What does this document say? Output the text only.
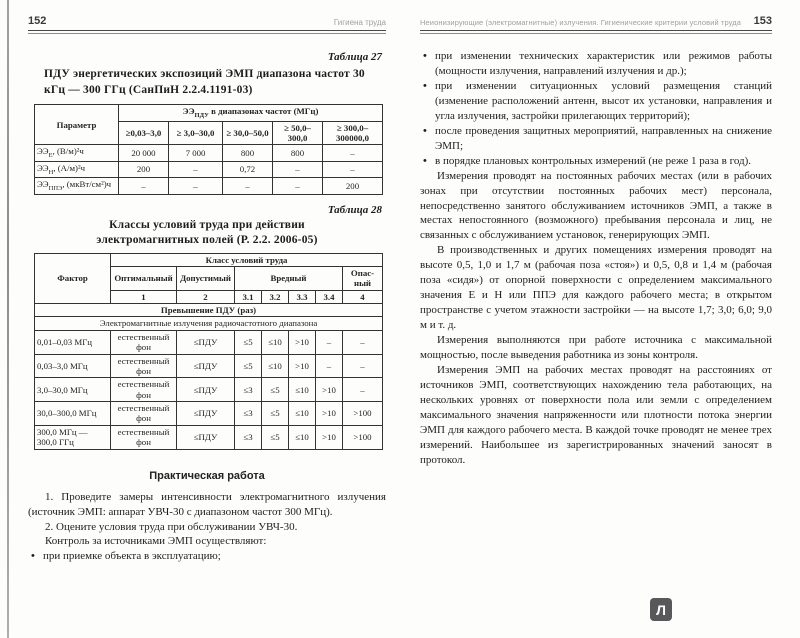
152	Гигиена труда
Таблица 27
ПДУ энергетических экспозиций ЭМП диапазона частот 30 кГц — 300 ГГц (СанПиН 2.2.4.1191-03)
Параметр	$ЭЭ_{ПДУ}$ в диапазонах частот (МГц)				
	≥0,03–3,0	≥ 3,0–30,0	≥ 30,0–50,0	≥ 50,0–300,0	≥ 300,0–300000,0
$ЭЭ_Е$, (В/м)²ч	20 000	7 000	800	800	–
$ЭЭ_Н$, (А/м)²ч	200	–	0,72	–	–
$ЭЭ_{ППЭ}$, (мкВт/см²)ч	–	–	–	–	200
Таблица 28
Классы условий труда при действии
электромагнитных полей (Р. 2.2. 2006-05)
Фактор	Класс условий труда						
	Оптимальный	Допустимый	Вредный				Опасный
	1	2	3.1	3.2	3.3	3.4	4
Превышение ПДУ (раз)							
Электромагнитные излучения радиочастотного диапазона							
0,01–0,03 МГц	естественный фон	≤ПДУ	≤5	≤10	>10	–	–
0,03–3,0 МГц	естественный фон	≤ПДУ	≤5	≤10	>10	–	–
3,0–30,0 МГц	естественный фон	≤ПДУ	≤3	≤5	≤10	>10	–
30,0–300,0 МГц	естественный фон	≤ПДУ	≤3	≤5	≤10	>10	>100
300,0 МГц — 300,0 ГГц	естественный фон	≤ПДУ	≤3	≤5	≤10	>10	>100
Практическая работа

1. Проведите замеры интенсивности электромагнитного излучения (источник ЭМП: аппарат УВЧ-30 с диапазоном частот 300 МГц).

2. Оцените условия труда при обслуживании УВЧ-30.

Контроль за источниками ЭМП осуществляют:

• при приемке объекта в эксплуатацию;

Неионизирующие (электромагнитные) излучения. Гигиенические критерии условий труда 153

• при изменении технических характеристик или режимов работы (мощности излучения, направлений излучения и др.);

• при изменении ситуационных условий размещения станций (изменение расположений антенн, высот их установки, направления и угла излучения, застройки прилегающих территорий);

• после проведения защитных мероприятий, направленных на снижение ЭМП;

• в порядке плановых контрольных измерений (не реже 1 раза в год).

Измерения проводят на постоянных рабочих местах (или в рабочих зонах при отсутствии постоянных рабочих мест) персонала, непосредственно занятого обслуживанием источников ЭМП, а также в местах непостоянного (возможного) пребывания персонала и лиц, не связанных с обслуживанием установок, генерирующих ЭМП.

В производственных и других помещениях измерения проводят на высоте 0,5, 1,0 и 1,7 м (рабочая поза «стоя») и 0,5, 0,8 и 1,4 м (рабочая поза «сидя») от опорной поверхности с определением максимального значения Е и Н или ППЭ для каждого рабочего места; в открытом пространстве с учетом этажности застройки — на высоте 1,7; 3,0; 6,0; 9,0 м и т. д.

Измерения выполняются при работе источника с максимальной мощностью, после выведения работника из зоны контроля.

Измерения ЭМП на рабочих местах проводят на расстояниях от источников ЭМП, соответствующих нахождению тела работающих, на нескольких уровнях от поверхности пола или земли с определением максимального значения напряженности или плотности потока энергии ЭМП для каждого рабочего места. В каждой точке проводят не менее трех измерений. Наибольшее из зарегистрированных значений заносят в протокол.

Л
